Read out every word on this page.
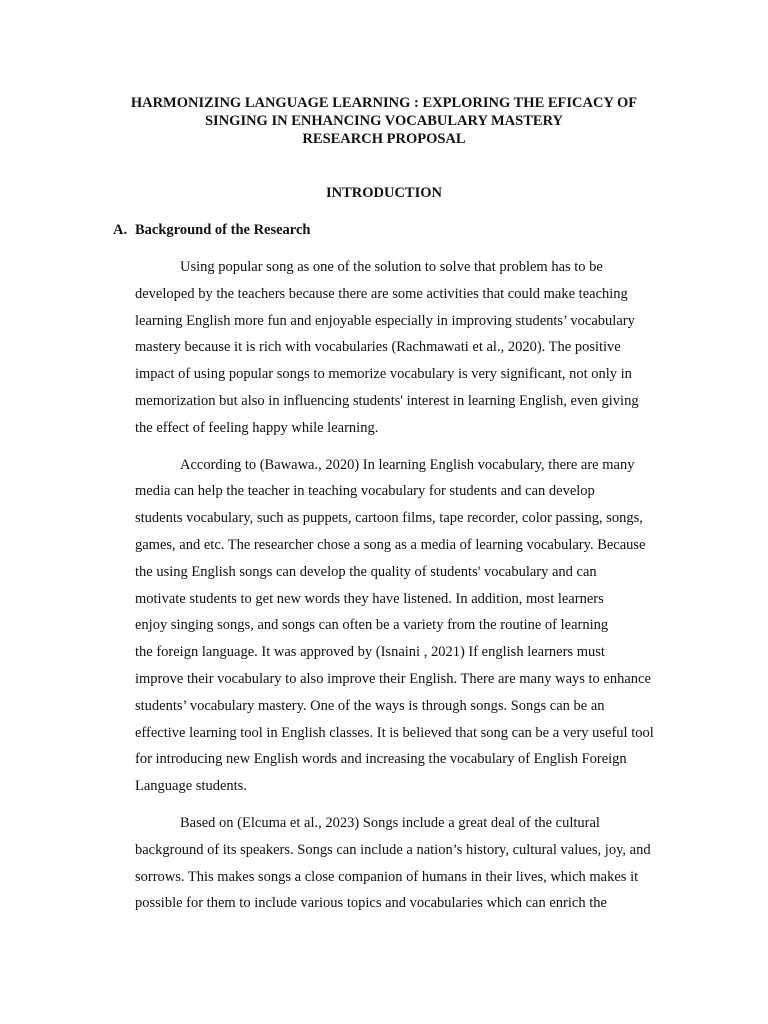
HARMONIZING LANGUAGE LEARNING : EXPLORING THE EFICACY OF
SINGING IN ENHANCING VOCABULARY MASTERY
RESEARCH PROPOSAL
INTRODUCTION
A. Background of the Research

Using popular song as one of the solution to solve that problem has to be
developed by the teachers because there are some activities that could make teaching
learning English more fun and enjoyable especially in improving students’ vocabulary
mastery because it is rich with vocabularies (Rachmawati et al., 2020). The positive
impact of using popular songs to memorize vocabulary is very significant, not only in
memorization but also in influencing students' interest in learning English, even giving
the effect of feeling happy while learning.

According to (Bawawa., 2020) In learning English vocabulary, there are many
media can help the teacher in teaching vocabulary for students and can develop
students vocabulary, such as puppets, cartoon films, tape recorder, color passing, songs,
games, and etc. The researcher chose a song as a media of learning vocabulary. Because
the using English songs can develop the quality of students' vocabulary and can
motivate students to get new words they have listened. In addition, most learners
enjoy singing songs, and songs can often be a variety from the routine of learning
the foreign language. It was approved by (Isnaini , 2021) If english learners must
improve their vocabulary to also improve their English. There are many ways to enhance
students’ vocabulary mastery. One of the ways is through songs. Songs can be an
effective learning tool in English classes. It is believed that song can be a very useful tool
for introducing new English words and increasing the vocabulary of English Foreign
Language students.

Based on (Elcuma et al., 2023) Songs include a great deal of the cultural
background of its speakers. Songs can include a nation’s history, cultural values, joy, and
sorrows. This makes songs a close companion of humans in their lives, which makes it
possible for them to include various topics and vocabularies which can enrich the
